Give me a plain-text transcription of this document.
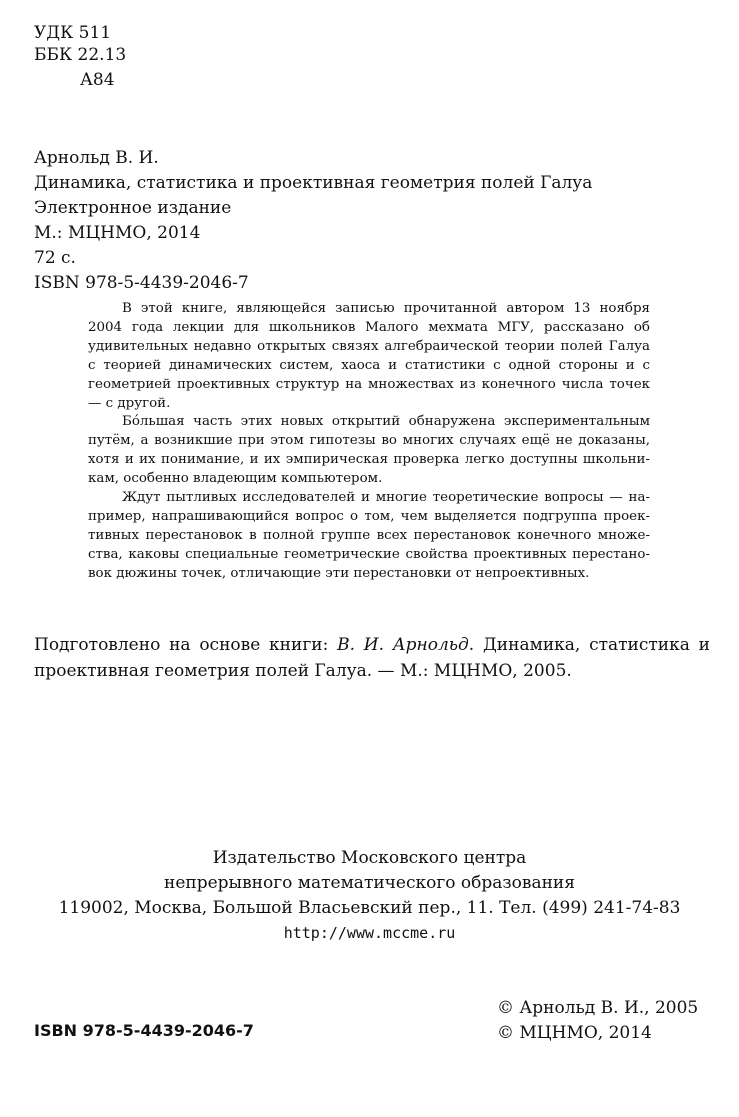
УДК 511
ББК 22.13
А84
Арнольд В. И.
Динамика, статистика и проективная геометрия полей Галуа
Электронное издание
М.: МЦНМО, 2014
72 с.
ISBN 978-5-4439-2046-7

В этой книге, являющейся записью прочитанной автором 13 ноября 2004 года лекции для школьников Малого мехмата МГУ, рассказано об удивительных недавно открытых связях алгебраической теории полей Галуа с теорией динамических систем, хаоса и статистики с одной стороны и с геометрией проективных структур на множествах из конечного числа точек — с другой.

Бóльшая часть этих новых открытий обнаружена экспериментальным путём, а возникшие при этом гипотезы во многих случаях ещё не доказаны, хотя и их понимание, и их эмпирическая проверка легко доступны школьникам, особенно владеющим компьютером.

Ждут пытливых исследователей и многие теоретические вопросы — например, напрашивающийся вопрос о том, чем выделяется подгруппа проективных перестановок в полной группе всех перестановок конечного множества, каковы специальные геометрические свойства проективных перестановок дюжины точек, отличающие эти перестановки от непроективных.

Подготовлено на основе книги: В. И. Арнольд. Динамика, статистика и проективная геометрия полей Галуа. — М.: МЦНМО, 2005.
Издательство Московского центра
непрерывного математического образования
119002, Москва, Большой Власьевский пер., 11. Тел. (499) 241-74-83
http://www.mccme.ru
© Арнольд В. И., 2005
© МЦНМО, 2014
ISBN 978-5-4439-2046-7
